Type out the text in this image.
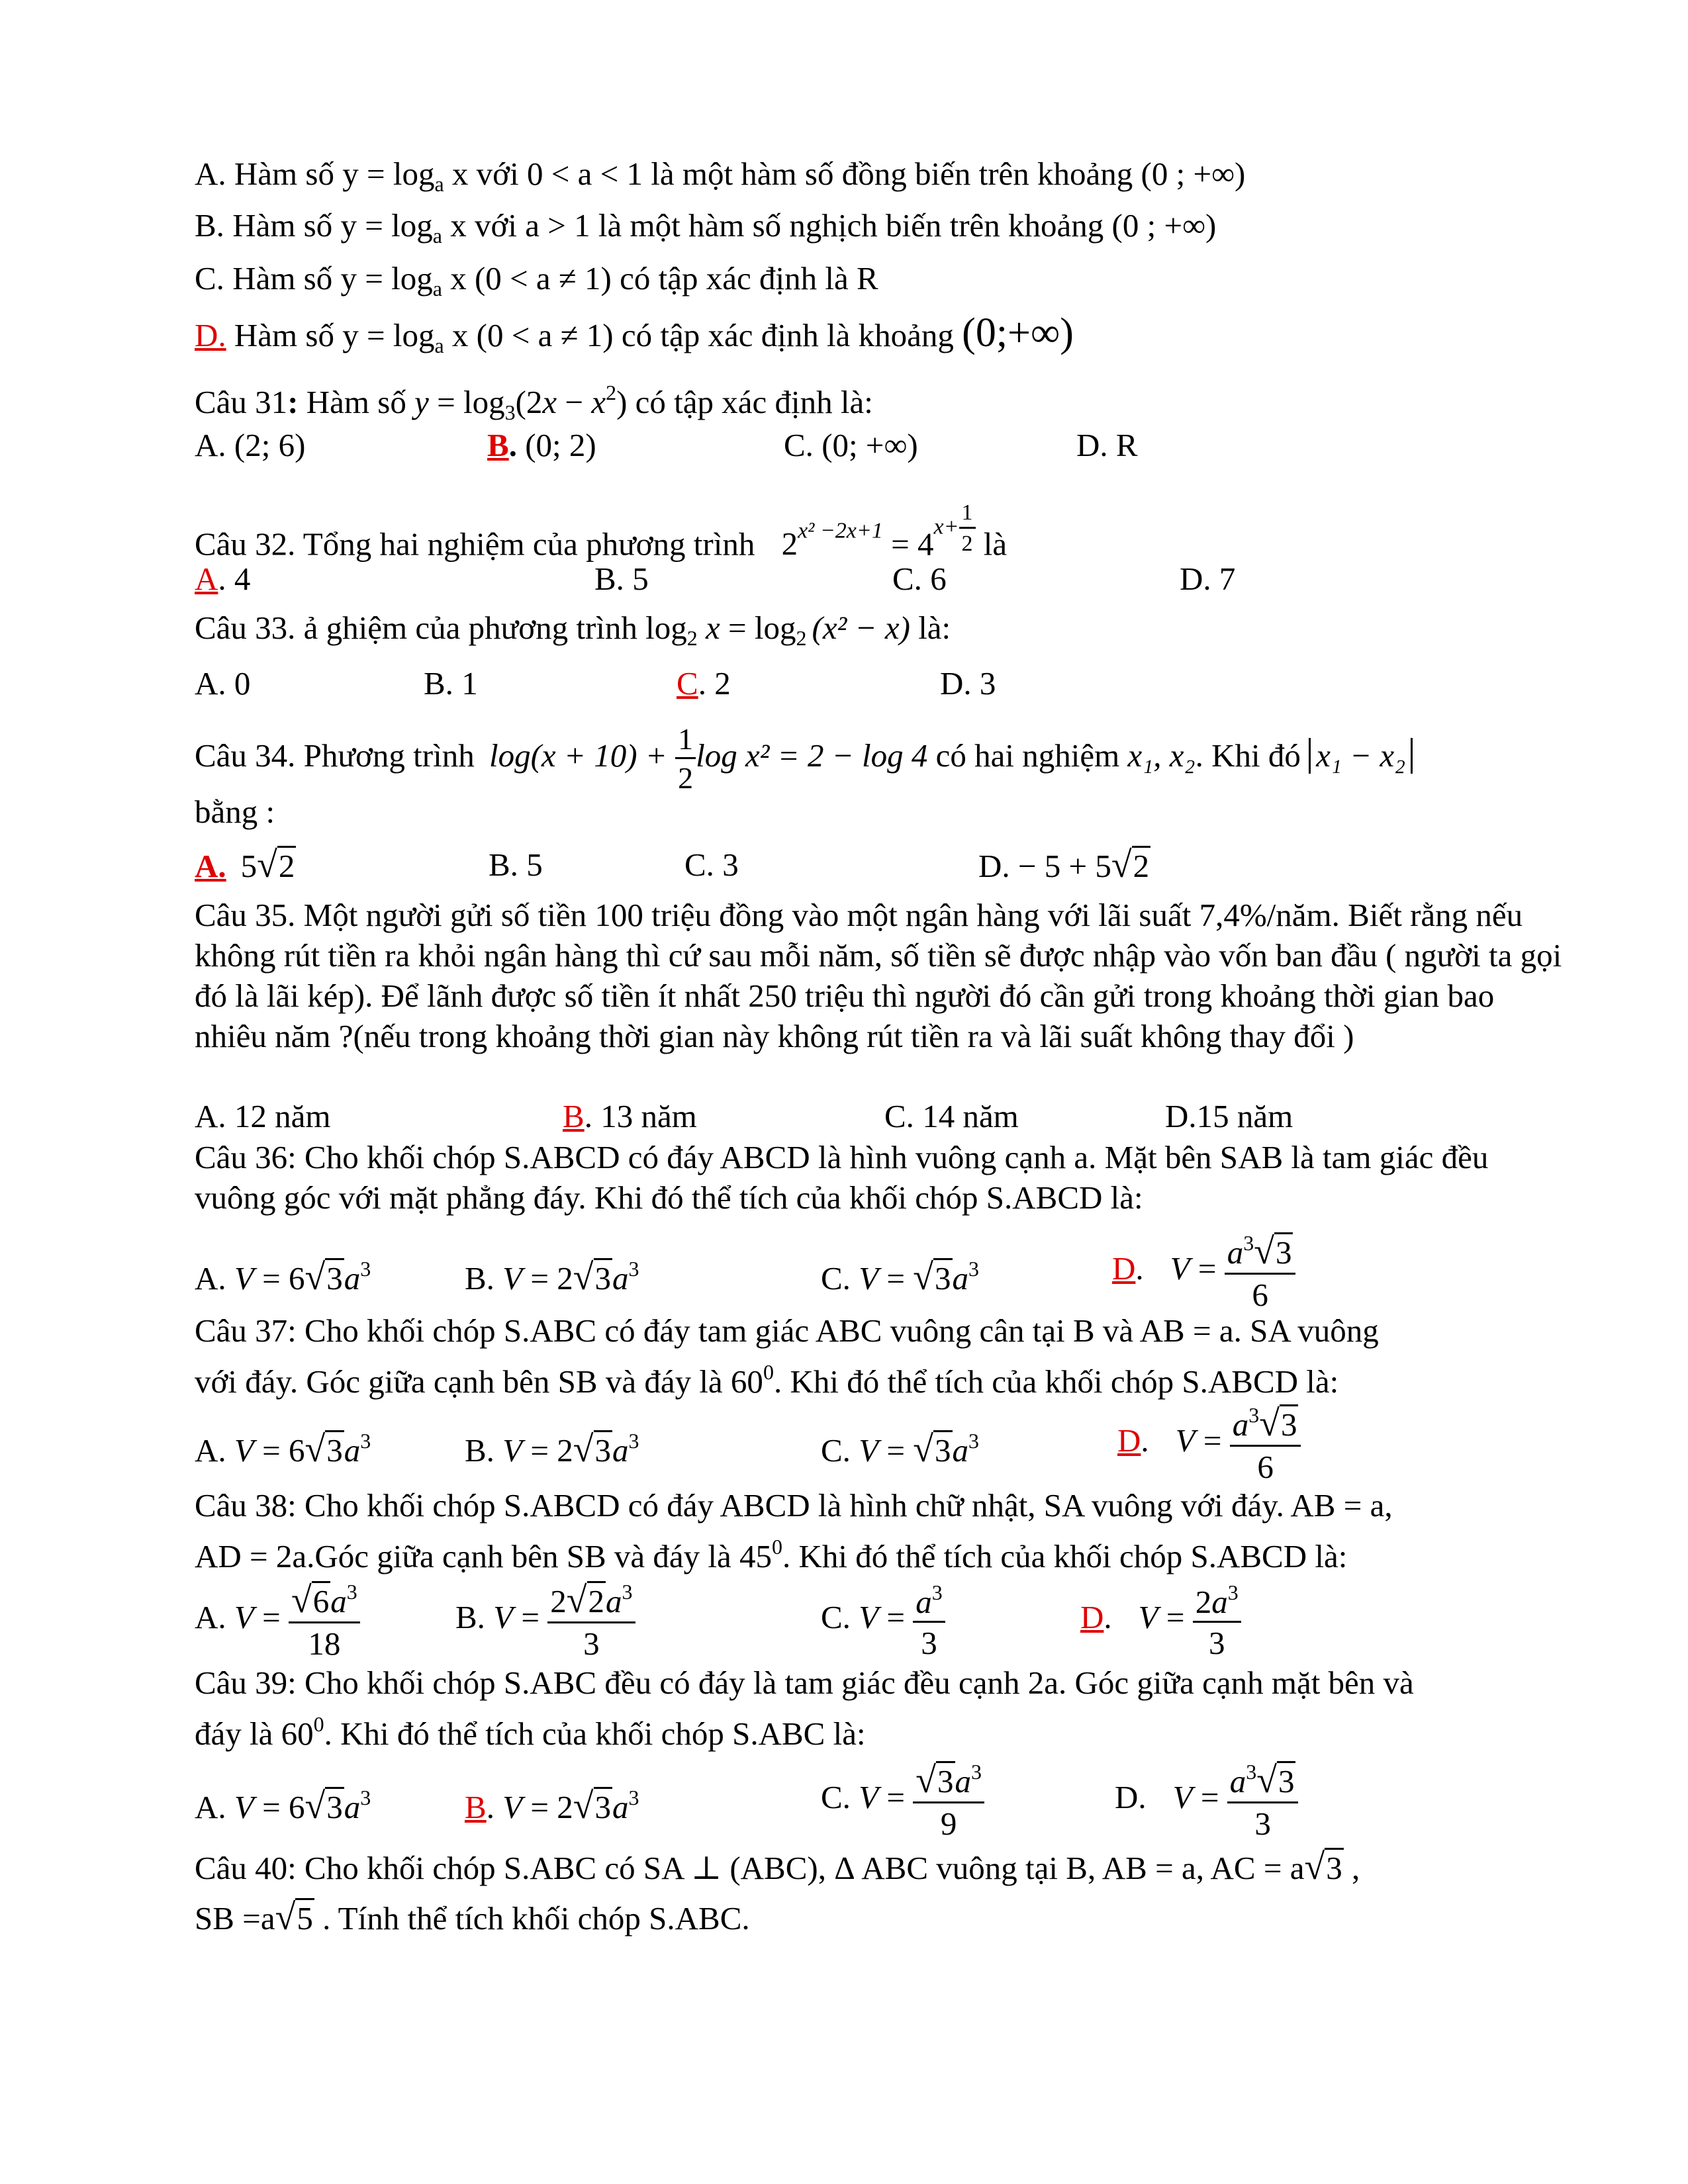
A. Hàm số $y = \log_a x$ với 0 < a < 1 là một hàm số đồng biến trên khoảng (0 ; +∞)
B. Hàm số $y = \log_a x$ với a > 1 là một hàm số nghịch biến trên khoảng (0 ; +∞)
C. Hàm số $y = \log_a x$ (0 < a ≠ 1) có tập xác định là R
D. Hàm số $y = \log_a x$ (0 < a ≠ 1) có tập xác định là khoảng (0;+∞)
Câu 31: Hàm số $y = \log_3(2x - x^2)$ có tập xác định là:
A. (2; 6)	B. (0; 2)	C. (0; +∞)	D. R
Câu 32. Tổng hai nghiệm của phương trình $2^{x^2 -2x+1} = 4x+ \frac{1}{2}$ là
A. 4	B. 5	C. 6	D. 7
Câu 33. ả ghiệm của phương trình $\log_2 x = \log_2 (x^2 - x)$ là:
A. 0	B. 1	C. 2	D. 3
Câu 34. Phương trình $\log(x + 10) + \frac{1}{2}$ log x² = 2 − log 4 có hai nghiệm x₁, x₂. Khi đó x₁ − x₂
bằng :
A. 5√2	B. 5	C. 3	D. − 5 + 5√2
Câu 35. Một người gửi số tiền 100 triệu đồng vào một ngân hàng với lãi suất 7,4%/năm. Biết rằng nếu không rút tiền ra khỏi ngân hàng thì cứ sau mỗi năm, số tiền sẽ được nhập vào vốn ban đầu ( người ta gọi đó là lãi kép). Để lãnh được số tiền ít nhất 250 triệu thì người đó cần gửi trong khoảng thời gian bao nhiêu năm ?(nếu trong khoảng thời gian này không rút tiền ra và lãi suất không thay đổi )
A. 12 năm	B. 13 năm	C. 14 năm	D.15 năm
Câu 36: Cho khối chóp S.ABCD có đáy ABCD là hình vuông cạnh a. Mặt bên SAB là tam giác đều vuông góc với mặt phẳng đáy. Khi đó thể tích của khối chóp S.ABCD là:
A. $V = 6√3a^3$	B. $V = 2√3a^3$	C. $V = √3a^3$	D. $V = \frac{a^3√3}{6}$
Câu 37: Cho khối chóp S.ABC có đáy tam giác ABC vuông cân tại B và AB = a. SA vuông
với đáy. Góc giữa cạnh bên SB và đáy là $60^0$. Khi đó thể tích của khối chóp S.ABCD là:
A. $V = 6√3a^3$	B. $V = 2√3a^3$	C. $V = √3a^3$	D. $V = \frac{a^3√3}{6}$
Câu 38: Cho khối chóp S.ABCD có đáy ABCD là hình chữ nhật, SA vuông với đáy. AB = a,
AD = 2a.Góc giữa cạnh bên SB và đáy là $45^0$. Khi đó thể tích của khối chóp S.ABCD là:
A. $V = \frac{√6a^3}{18}$	B. $V = \frac{2√2a^3}{3}$	C. $V = \frac{a^3}{3}$	D. $V = \frac{2a^3}{3}$
Câu 39: Cho khối chóp S.ABC đều có đáy là tam giác đều cạnh 2a. Góc giữa cạnh mặt bên và
đáy là $60^0$. Khi đó thể tích của khối chóp S.ABC là:
A. $V = 6√3a^3$	B. $V = 2√3a^3$	C. $V = \frac{√3a^3}{9}$	D. $V = \frac{a^3√3}{3}$
Câu 40: Cho khối chóp S.ABC có SA ⊥ (ABC), Δ ABC vuông tại B, AB = a, AC = a√3 ,
SB =a√5 . Tính thể tích khối chóp S.ABC.
